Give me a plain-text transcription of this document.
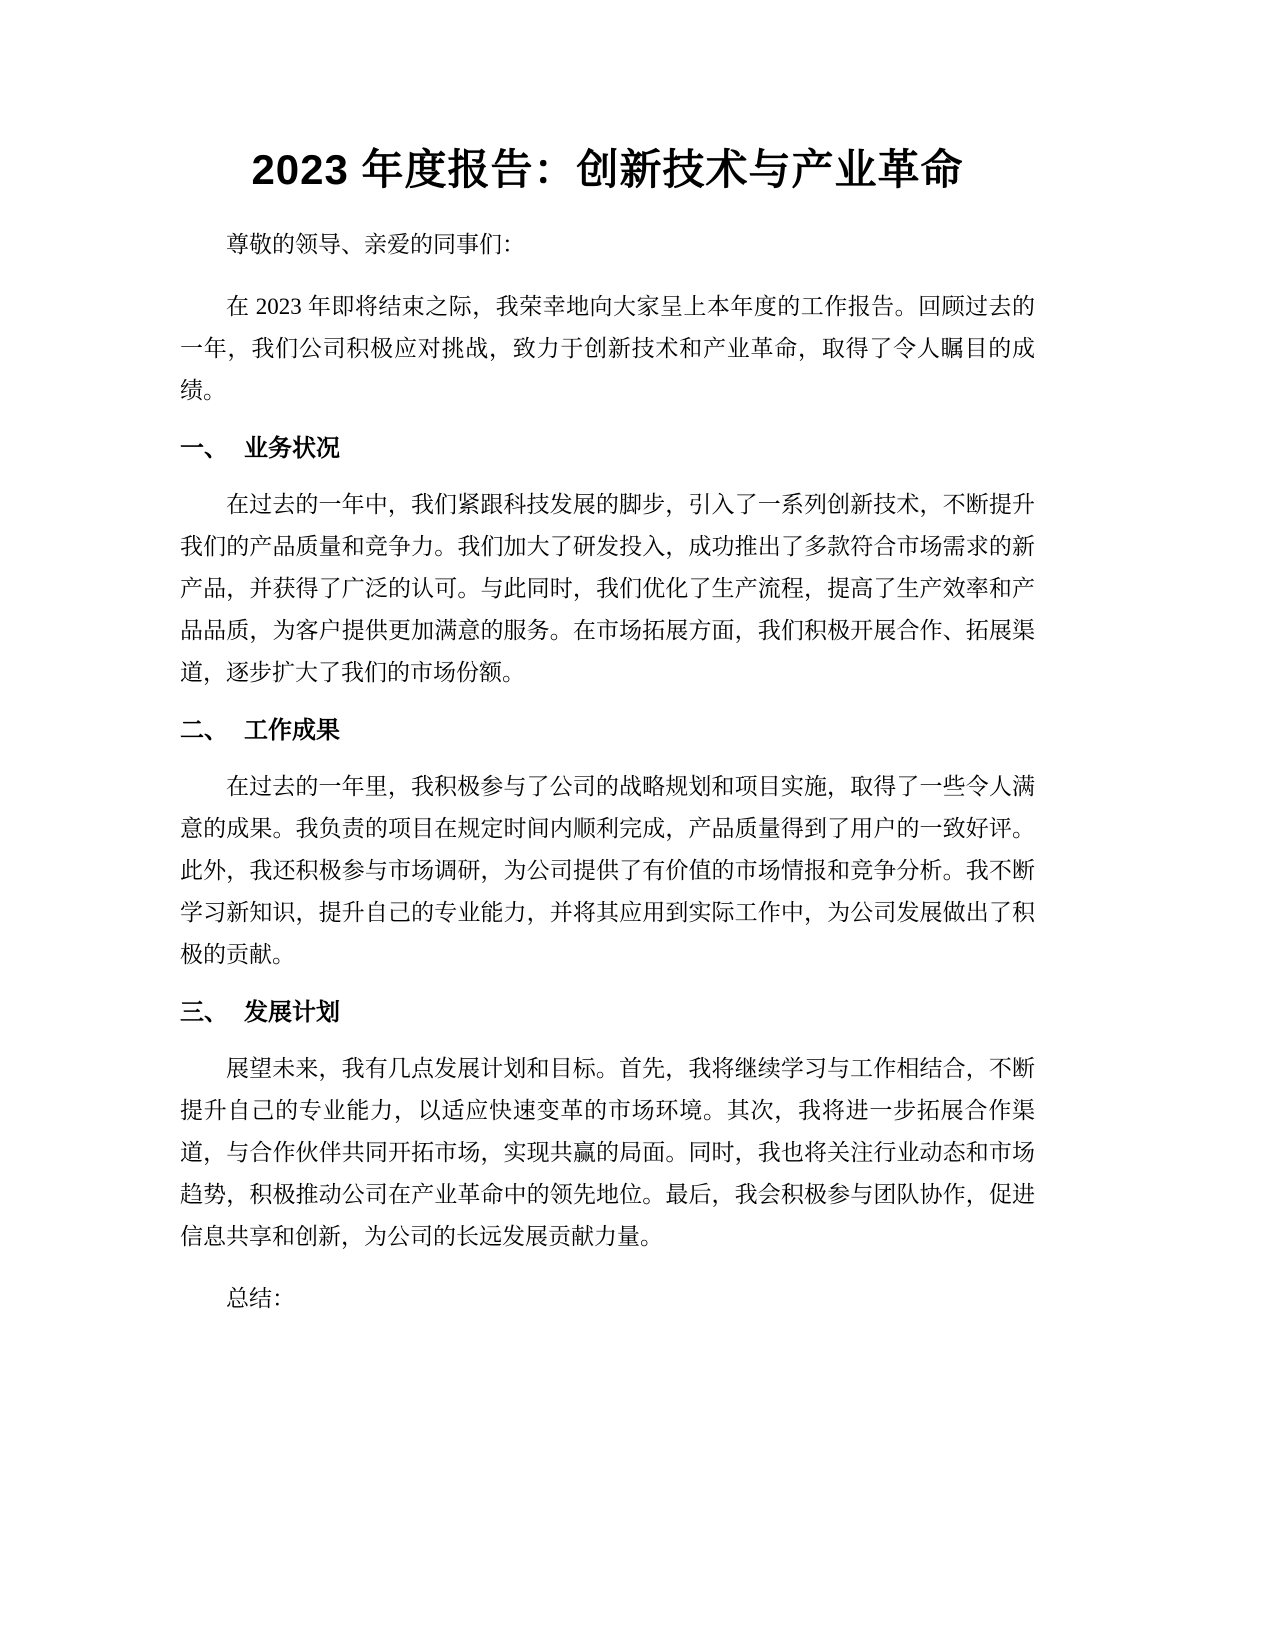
2023 年度报告：创新技术与产业革命

尊敬的领导、亲爱的同事们：

在 2023 年即将结束之际，我荣幸地向大家呈上本年度的工作报告。回顾过去的一年，我们公司积极应对挑战，致力于创新技术和产业革命，取得了令人瞩目的成绩。

一、 业务状况

在过去的一年中，我们紧跟科技发展的脚步，引入了一系列创新技术，不断提升我们的产品质量和竞争力。我们加大了研发投入，成功推出了多款符合市场需求的新产品，并获得了广泛的认可。与此同时，我们优化了生产流程，提高了生产效率和产品品质，为客户提供更加满意的服务。在市场拓展方面，我们积极开展合作、拓展渠道，逐步扩大了我们的市场份额。

二、 工作成果

在过去的一年里，我积极参与了公司的战略规划和项目实施，取得了一些令人满意的成果。我负责的项目在规定时间内顺利完成，产品质量得到了用户的一致好评。此外，我还积极参与市场调研，为公司提供了有价值的市场情报和竞争分析。我不断学习新知识，提升自己的专业能力，并将其应用到实际工作中，为公司发展做出了积极的贡献。

三、 发展计划

展望未来，我有几点发展计划和目标。首先，我将继续学习与工作相结合，不断提升自己的专业能力，以适应快速变革的市场环境。其次，我将进一步拓展合作渠道，与合作伙伴共同开拓市场，实现共赢的局面。同时，我也将关注行业动态和市场趋势，积极推动公司在产业革命中的领先地位。最后，我会积极参与团队协作，促进信息共享和创新，为公司的长远发展贡献力量。

总结：
